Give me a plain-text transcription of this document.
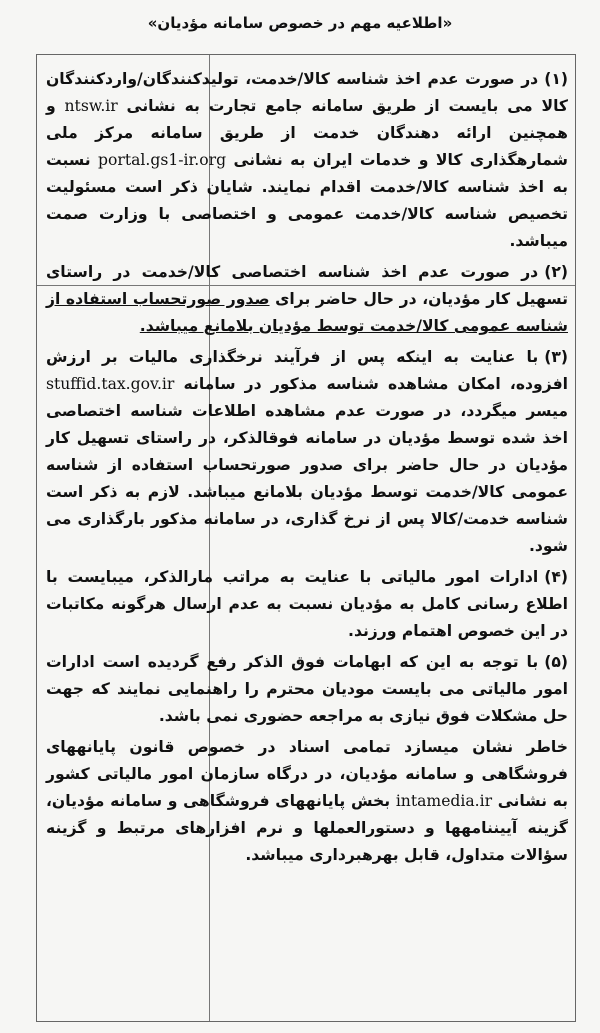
«اطلاعیه مهم در خصوص سامانه مؤدیان»

(۱)در صورت عدم اخذ شناسه کالا/خدمت، تولیدکنندگان/واردکنندگان کالا می بایست از طریق سامانه جامع تجارت به نشانی ntsw.ir و همچنین ارائه دهندگان خدمت از طریق سامانه مرکز ملی شمارهگذاری کالا و خدمات ایران به نشانی portal.gs1-ir.org نسبت به اخذ شناسه کالا/خدمت اقدام نمایند. شایان ذکر است مسئولیت تخصیص شناسه کالا/خدمت عمومی و اختصاصی با وزارت صمت میباشد.

(۲)در صورت عدم اخذ شناسه اختصاصی کالا/خدمت در راستای تسهیل کار مؤدیان، در حال حاضر برای صدور صورتحساب استفاده از شناسه عمومی کالا/خدمت توسط مؤدیان بلامانع میباشد.

(۳)با عنایت به اینکه پس از فرآیند نرخگذاری مالیات بر ارزش افزوده، امکان مشاهده شناسه مذکور در سامانه stuffid.tax.gov.ir میسر میگردد، در صورت عدم مشاهده اطلاعات شناسه اختصاصی اخذ شده توسط مؤدیان در سامانه فوقالذکر، در راستای تسهیل کار مؤدیان در حال حاضر برای صدور صورتحساب استفاده از شناسه عمومی کالا/خدمت توسط مؤدیان بلامانع میباشد. لازم به ذکر است شناسه خدمت/کالا پس از نرخ گذاری، در سامانه مذکور بارگذاری می شود.

(۴)ادارات امور مالیاتی با عنایت به مراتب مارالذکر، میبایست با اطلاع رسانی کامل به مؤدیان نسبت به عدم ارسال هرگونه مکاتبات در این خصوص اهتمام ورزند.

(۵)با توجه به این که ابهامات فوق الذکر رفع گردیده است ادارات امور مالیاتی می بایست مودیان محترم را راهنمایی نمایند که جهت حل مشکلات فوق نیازی به مراجعه حضوری نمی باشد.

خاطر نشان میسازد تمامی اسناد در خصوص قانون پایانههای فروشگاهی و سامانه مؤدیان، در درگاه سازمان امور مالیاتی کشور به نشانی intamedia.ir بخش پایانههای فروشگاهی و سامانه مؤدیان، گزینه آییننامهها و دستورالعملها و نرم افزارهای مرتبط و گزینه سؤالات متداول، قابل بهرهبرداری میباشد.
